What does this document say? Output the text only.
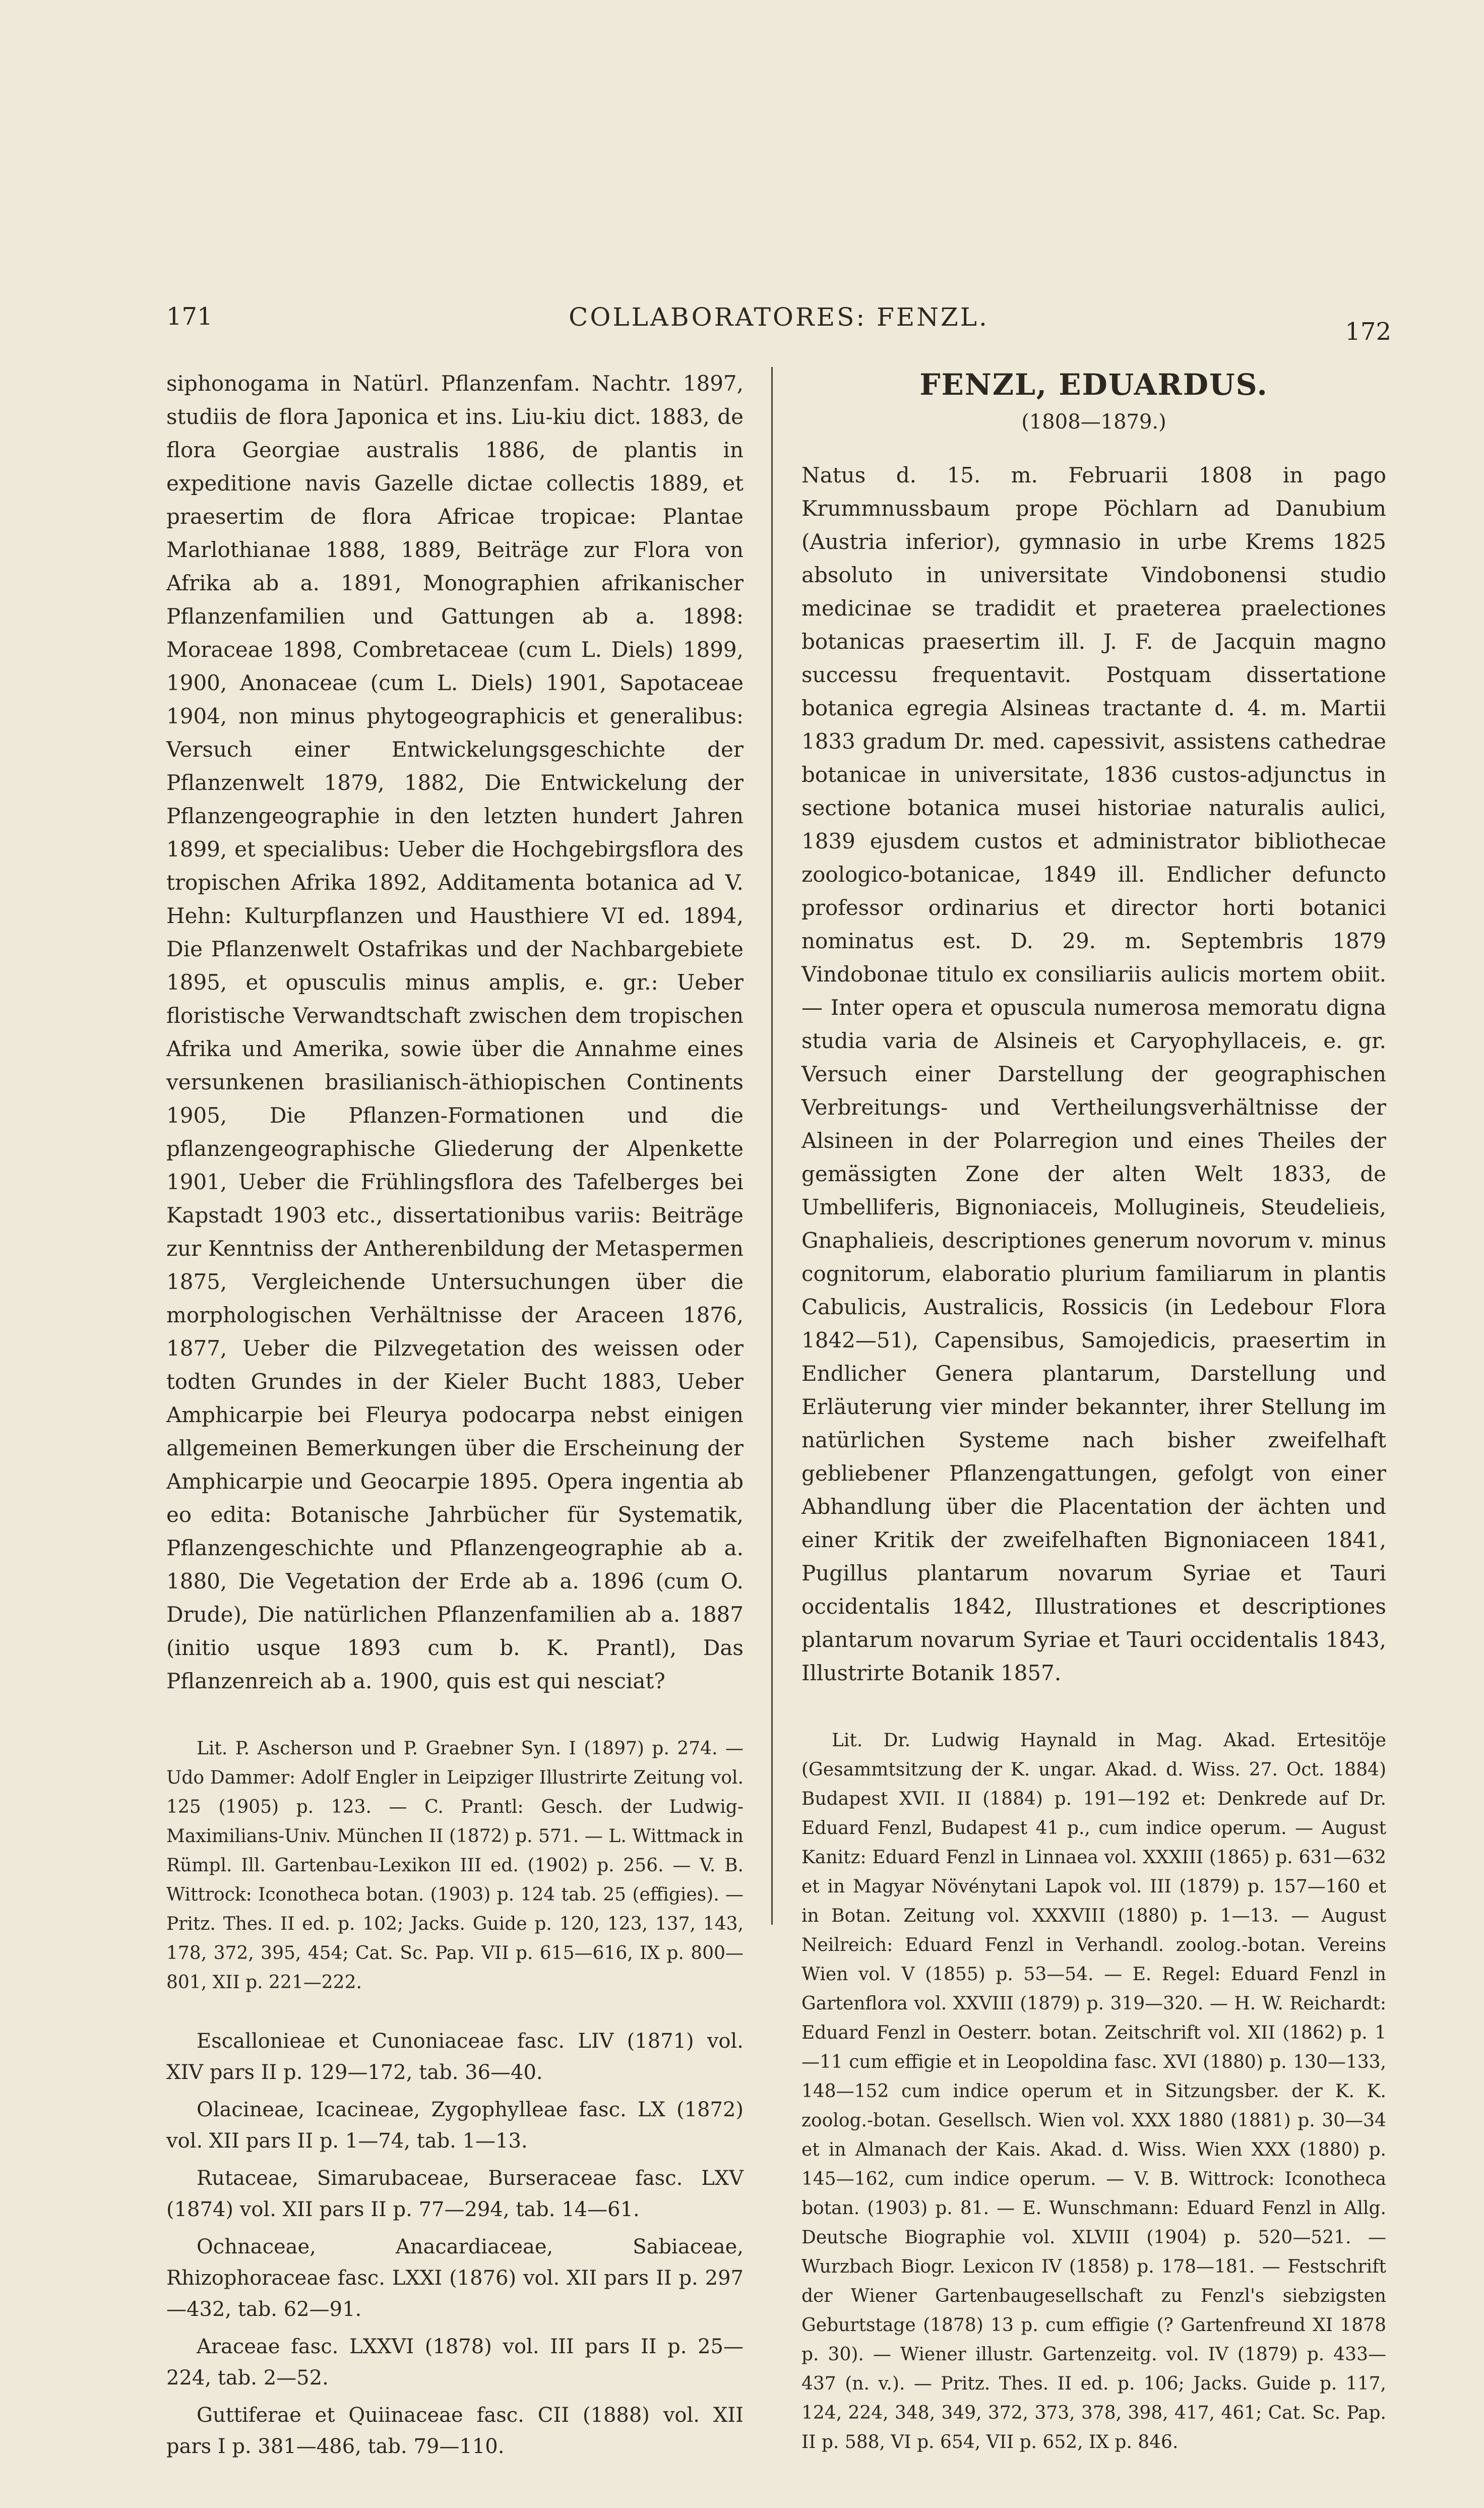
171	COLLABORATORES: FENZL.	172

siphonogama in Natürl. Pflanzenfam. Nachtr. 1897, studiis de flora Japonica et ins. Liu-kiu dict. 1883, de flora Georgiae australis 1886, de plantis in expeditione navis Gazelle dictae collectis 1889, et praesertim de flora Africae tropicae: Plantae Marlothianae 1888, 1889, Beiträge zur Flora von Afrika ab a. 1891, Monographien afrikanischer Pflanzenfamilien und Gattungen ab a. 1898: Moraceae 1898, Combretaceae (cum L. Diels) 1899, 1900, Anonaceae (cum L. Diels) 1901, Sapotaceae 1904, non minus phytogeographicis et generalibus: Versuch einer Entwickelungsgeschichte der Pflanzenwelt 1879, 1882, Die Entwickelung der Pflanzengeographie in den letzten hundert Jahren 1899, et specialibus: Ueber die Hochgebirgsflora des tropischen Afrika 1892, Additamenta botanica ad V. Hehn: Kulturpflanzen und Hausthiere VI ed. 1894, Die Pflanzenwelt Ostafrikas und der Nachbargebiete 1895, et opusculis minus amplis, e. gr.: Ueber floristische Verwandtschaft zwischen dem tropischen Afrika und Amerika, sowie über die Annahme eines versunkenen brasilianisch-äthiopischen Continents 1905, Die Pflanzen-Formationen und die pflanzengeographische Gliederung der Alpenkette 1901, Ueber die Frühlingsflora des Tafelberges bei Kapstadt 1903 etc., dissertationibus variis: Beiträge zur Kenntniss der Antherenbildung der Metaspermen 1875, Vergleichende Untersuchungen über die morphologischen Verhältnisse der Araceen 1876, 1877, Ueber die Pilzvegetation des weissen oder todten Grundes in der Kieler Bucht 1883, Ueber Amphicarpie bei Fleurya podocarpa nebst einigen allgemeinen Bemerkungen über die Erscheinung der Amphicarpie und Geocarpie 1895. Opera ingentia ab eo edita: Botanische Jahrbücher für Systematik, Pflanzengeschichte und Pflanzengeographie ab a. 1880, Die Vegetation der Erde ab a. 1896 (cum O. Drude), Die natürlichen Pflanzenfamilien ab a. 1887 (initio usque 1893 cum b. K. Prantl), Das Pflanzenreich ab a. 1900, quis est qui nesciat?

Lit. P. Ascherson und P. Graebner Syn. I (1897) p. 274. — Udo Dammer: Adolf Engler in Leipziger Illustrirte Zeitung vol. 125 (1905) p. 123. — C. Prantl: Gesch. der Ludwig-Maximilians-Univ. München II (1872) p. 571. — L. Wittmack in Rümpl. Ill. Gartenbau-Lexikon III ed. (1902) p. 256. — V. B. Wittrock: Iconotheca botan. (1903) p. 124 tab. 25 (effigies). — Pritz. Thes. II ed. p. 102; Jacks. Guide p. 120, 123, 137, 143, 178, 372, 395, 454; Cat. Sc. Pap. VII p. 615—616, IX p. 800—801, XII p. 221—222.

Escallonieae et Cunoniaceae fasc. LIV (1871) vol. XIV pars II p. 129—172, tab. 36—40.

Olacineae, Icacineae, Zygophylleae fasc. LX (1872) vol. XII pars II p. 1—74, tab. 1—13.

Rutaceae, Simarubaceae, Burseraceae fasc. LXV (1874) vol. XII pars II p. 77—294, tab. 14—61.

Ochnaceae, Anacardiaceae, Sabiaceae, Rhizophoraceae fasc. LXXI (1876) vol. XII pars II p. 297—432, tab. 62—91.

Araceae fasc. LXXVI (1878) vol. III pars II p. 25—224, tab. 2—52.

Guttiferae et Quiinaceae fasc. CII (1888) vol. XII pars I p. 381—486, tab. 79—110.

FENZL, EDUARDUS.
(1808—1879.)

Natus d. 15. m. Februarii 1808 in pago Krummnussbaum prope Pöchlarn ad Danubium (Austria inferior), gymnasio in urbe Krems 1825 absoluto in universitate Vindobonensi studio medicinae se tradidit et praeterea praelectiones botanicas praesertim ill. J. F. de Jacquin magno successu frequentavit. Postquam dissertatione botanica egregia Alsineas tractante d. 4. m. Martii 1833 gradum Dr. med. capessivit, assistens cathedrae botanicae in universitate, 1836 custos-adjunctus in sectione botanica musei historiae naturalis aulici, 1839 ejusdem custos et administrator bibliothecae zoologico-botanicae, 1849 ill. Endlicher defuncto professor ordinarius et director horti botanici nominatus est. D. 29. m. Septembris 1879 Vindobonae titulo ex consiliariis aulicis mortem obiit. — Inter opera et opuscula numerosa memoratu digna studia varia de Alsineis et Caryophyllaceis, e. gr. Versuch einer Darstellung der geographischen Verbreitungs- und Vertheilungsverhältnisse der Alsineen in der Polarregion und eines Theiles der gemässigten Zone der alten Welt 1833, de Umbelliferis, Bignoniaceis, Mollugineis, Steudelieis, Gnaphalieis, descriptiones generum novorum v. minus cognitorum, elaboratio plurium familiarum in plantis Cabulicis, Australicis, Rossicis (in Ledebour Flora 1842—51), Capensibus, Samojedicis, praesertim in Endlicher Genera plantarum, Darstellung und Erläuterung vier minder bekannter, ihrer Stellung im natürlichen Systeme nach bisher zweifelhaft gebliebener Pflanzengattungen, gefolgt von einer Abhandlung über die Placentation der ächten und einer Kritik der zweifelhaften Bignoniaceen 1841, Pugillus plantarum novarum Syriae et Tauri occidentalis 1842, Illustrationes et descriptiones plantarum novarum Syriae et Tauri occidentalis 1843, Illustrirte Botanik 1857.

Lit. Dr. Ludwig Haynald in Mag. Akad. Ertesitöje (Gesammtsitzung der K. ungar. Akad. d. Wiss. 27. Oct. 1884) Budapest XVII. II (1884) p. 191—192 et: Denkrede auf Dr. Eduard Fenzl, Budapest 41 p., cum indice operum. — August Kanitz: Eduard Fenzl in Linnaea vol. XXXIII (1865) p. 631—632 et in Magyar Növénytani Lapok vol. III (1879) p. 157—160 et in Botan. Zeitung vol. XXXVIII (1880) p. 1—13. — August Neilreich: Eduard Fenzl in Verhandl. zoolog.-botan. Vereins Wien vol. V (1855) p. 53—54. — E. Regel: Eduard Fenzl in Gartenflora vol. XXVIII (1879) p. 319—320. — H. W. Reichardt: Eduard Fenzl in Oesterr. botan. Zeitschrift vol. XII (1862) p. 1—11 cum effigie et in Leopoldina fasc. XVI (1880) p. 130—133, 148—152 cum indice operum et in Sitzungsber. der K. K. zoolog.-botan. Gesellsch. Wien vol. XXX 1880 (1881) p. 30—34 et in Almanach der Kais. Akad. d. Wiss. Wien XXX (1880) p. 145—162, cum indice operum. — V. B. Wittrock: Iconotheca botan. (1903) p. 81. — E. Wunschmann: Eduard Fenzl in Allg. Deutsche Biographie vol. XLVIII (1904) p. 520—521. — Wurzbach Biogr. Lexicon IV (1858) p. 178—181. — Festschrift der Wiener Gartenbaugesellschaft zu Fenzl's siebzigsten Geburtstage (1878) 13 p. cum effigie (? Gartenfreund XI 1878 p. 30). — Wiener illustr. Gartenzeitg. vol. IV (1879) p. 433—437 (n. v.). — Pritz. Thes. II ed. p. 106; Jacks. Guide p. 117, 124, 224, 348, 349, 372, 373, 378, 398, 417, 461; Cat. Sc. Pap. II p. 588, VI p. 654, VII p. 652, IX p. 846.
